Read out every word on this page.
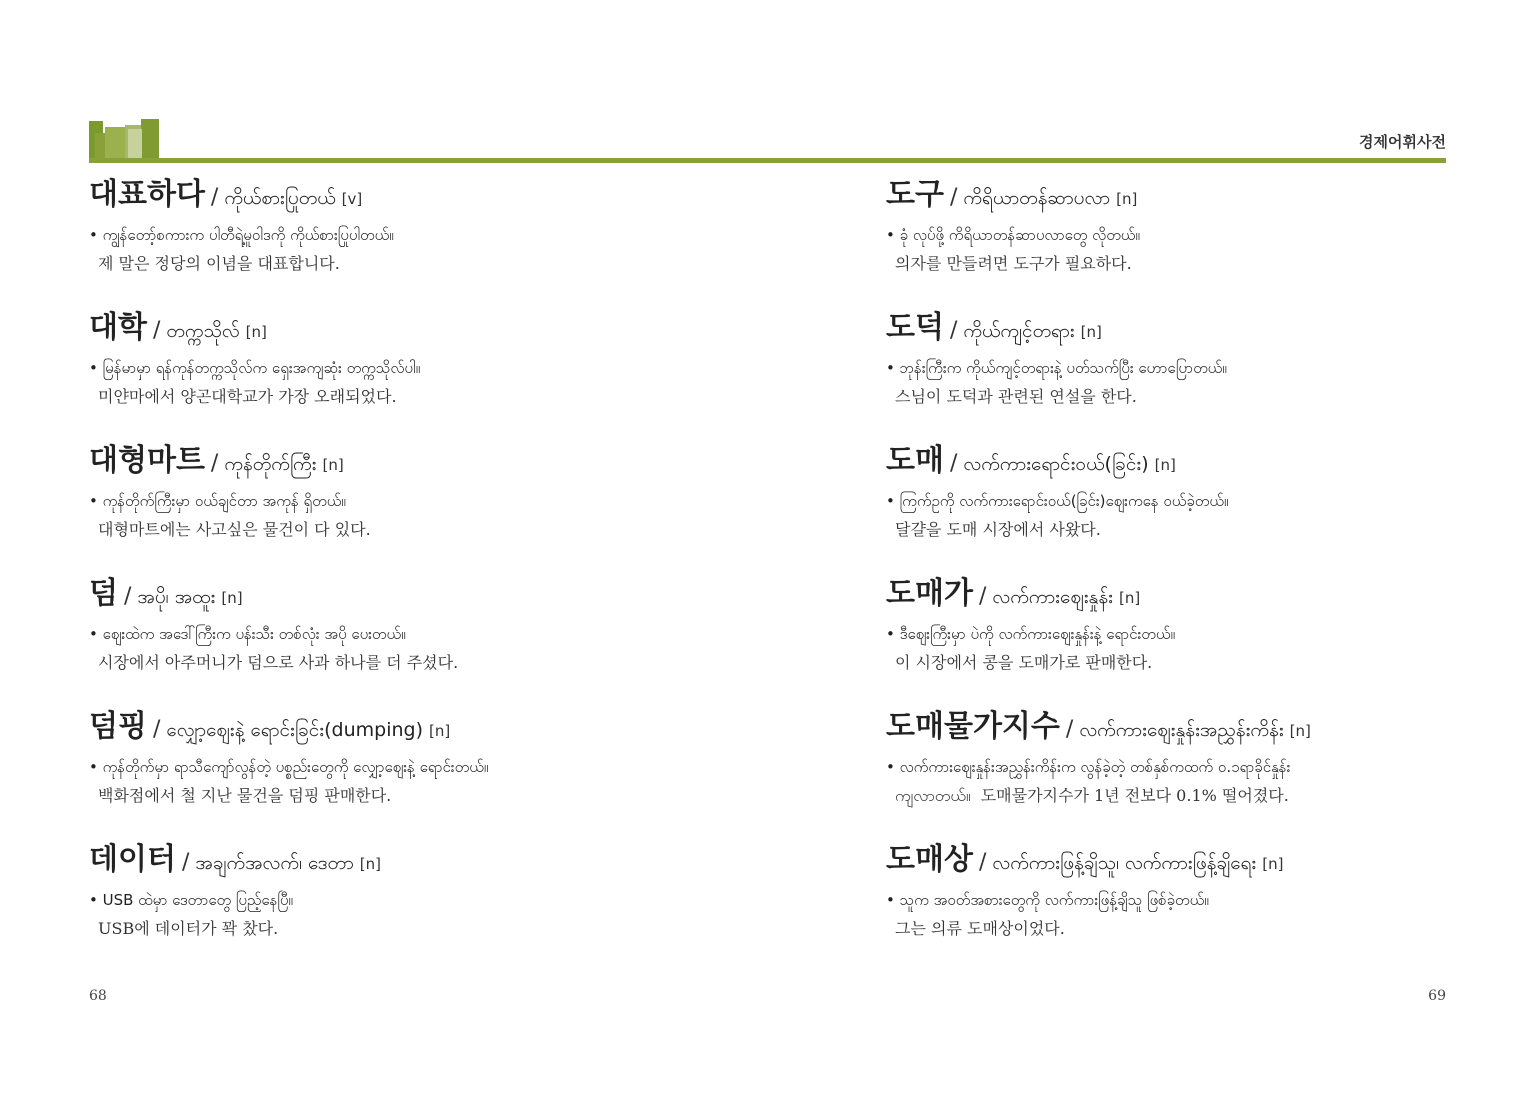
경제어휘사전
대표하다 / ကိုယ်စားပြုတယ် [v]
• ကျွန်တော့်စကားက ပါတီရဲ့မူဝါဒကို ကိုယ်စားပြုပါတယ်။
제 말은 정당의 이념을 대표합니다.
대학 / တက္ကသိုလ် [n]
• မြန်မာမှာ ရန်ကုန်တက္ကသိုလ်က ရှေးအကျဆုံး တက္ကသိုလ်ပါ။
미얀마에서 양곤대학교가 가장 오래되었다.
대형마트 / ကုန်တိုက်ကြီး [n]
• ကုန်တိုက်ကြီးမှာ ဝယ်ချင်တာ အကုန် ရှိတယ်။
대형마트에는 사고싶은 물건이 다 있다.
덤 / အပို၊ အထူး [n]
• ဈေးထဲက အဒေါ်ကြီးက ပန်းသီး တစ်လုံး အပို ပေးတယ်။
시장에서 아주머니가 덤으로 사과 하나를 더 주셨다.
덤핑 / လျှော့ဈေးနဲ့ ရောင်းခြင်း(dumping) [n]
• ကုန်တိုက်မှာ ရာသီကျော်လွန်တဲ့ ပစ္စည်းတွေကို လျှော့ဈေးနဲ့ ရောင်းတယ်။
백화점에서 철 지난 물건을 덤핑 판매한다.
데이터 / အချက်အလက်၊ ဒေတာ [n]
• USB ထဲမှာ ဒေတာတွေ ပြည့်နေပြီ။
USB에 데이터가 꽉 찼다.
도구 / ကိရိယာတန်ဆာပလာ [n]
• ခုံ လုပ်ဖို့ ကိရိယာတန်ဆာပလာတွေ လိုတယ်။
의자를 만들려면 도구가 필요하다.
도덕 / ကိုယ်ကျင့်တရား [n]
• ဘုန်းကြီးက ကိုယ်ကျင့်တရားနဲ့ ပတ်သက်ပြီး ဟောပြောတယ်။
스님이 도덕과 관련된 연설을 한다.
도매 / လက်ကားရောင်းဝယ်(ခြင်း) [n]
• ကြက်ဥကို လက်ကားရောင်းဝယ်(ခြင်း)ဈေးကနေ ဝယ်ခဲ့တယ်။
달걀을 도매 시장에서 사왔다.
도매가 / လက်ကားဈေးနှုန်း [n]
• ဒီဈေးကြီးမှာ ပဲကို လက်ကားဈေးနှုန်းနဲ့ ရောင်းတယ်။
이 시장에서 콩을 도매가로 판매한다.
도매물가지수 / လက်ကားဈေးနှုန်းအညွှန်းကိန်း [n]
• လက်ကားဈေးနှုန်းအညွှန်းကိန်းက လွန်ခဲ့တဲ့ တစ်နှစ်ကထက် ၀.၁ရာခိုင်နှုန်း
ကျလာတယ်။ 도매물가지수가 1년 전보다 0.1% 떨어졌다.
도매상 / လက်ကားဖြန့်ချိသူ၊ လက်ကားဖြန့်ချိရေး [n]
• သူက အဝတ်အစားတွေကို လက်ကားဖြန့်ချိသူ ဖြစ်ခဲ့တယ်။
그는 의류 도매상이었다.
68	69
